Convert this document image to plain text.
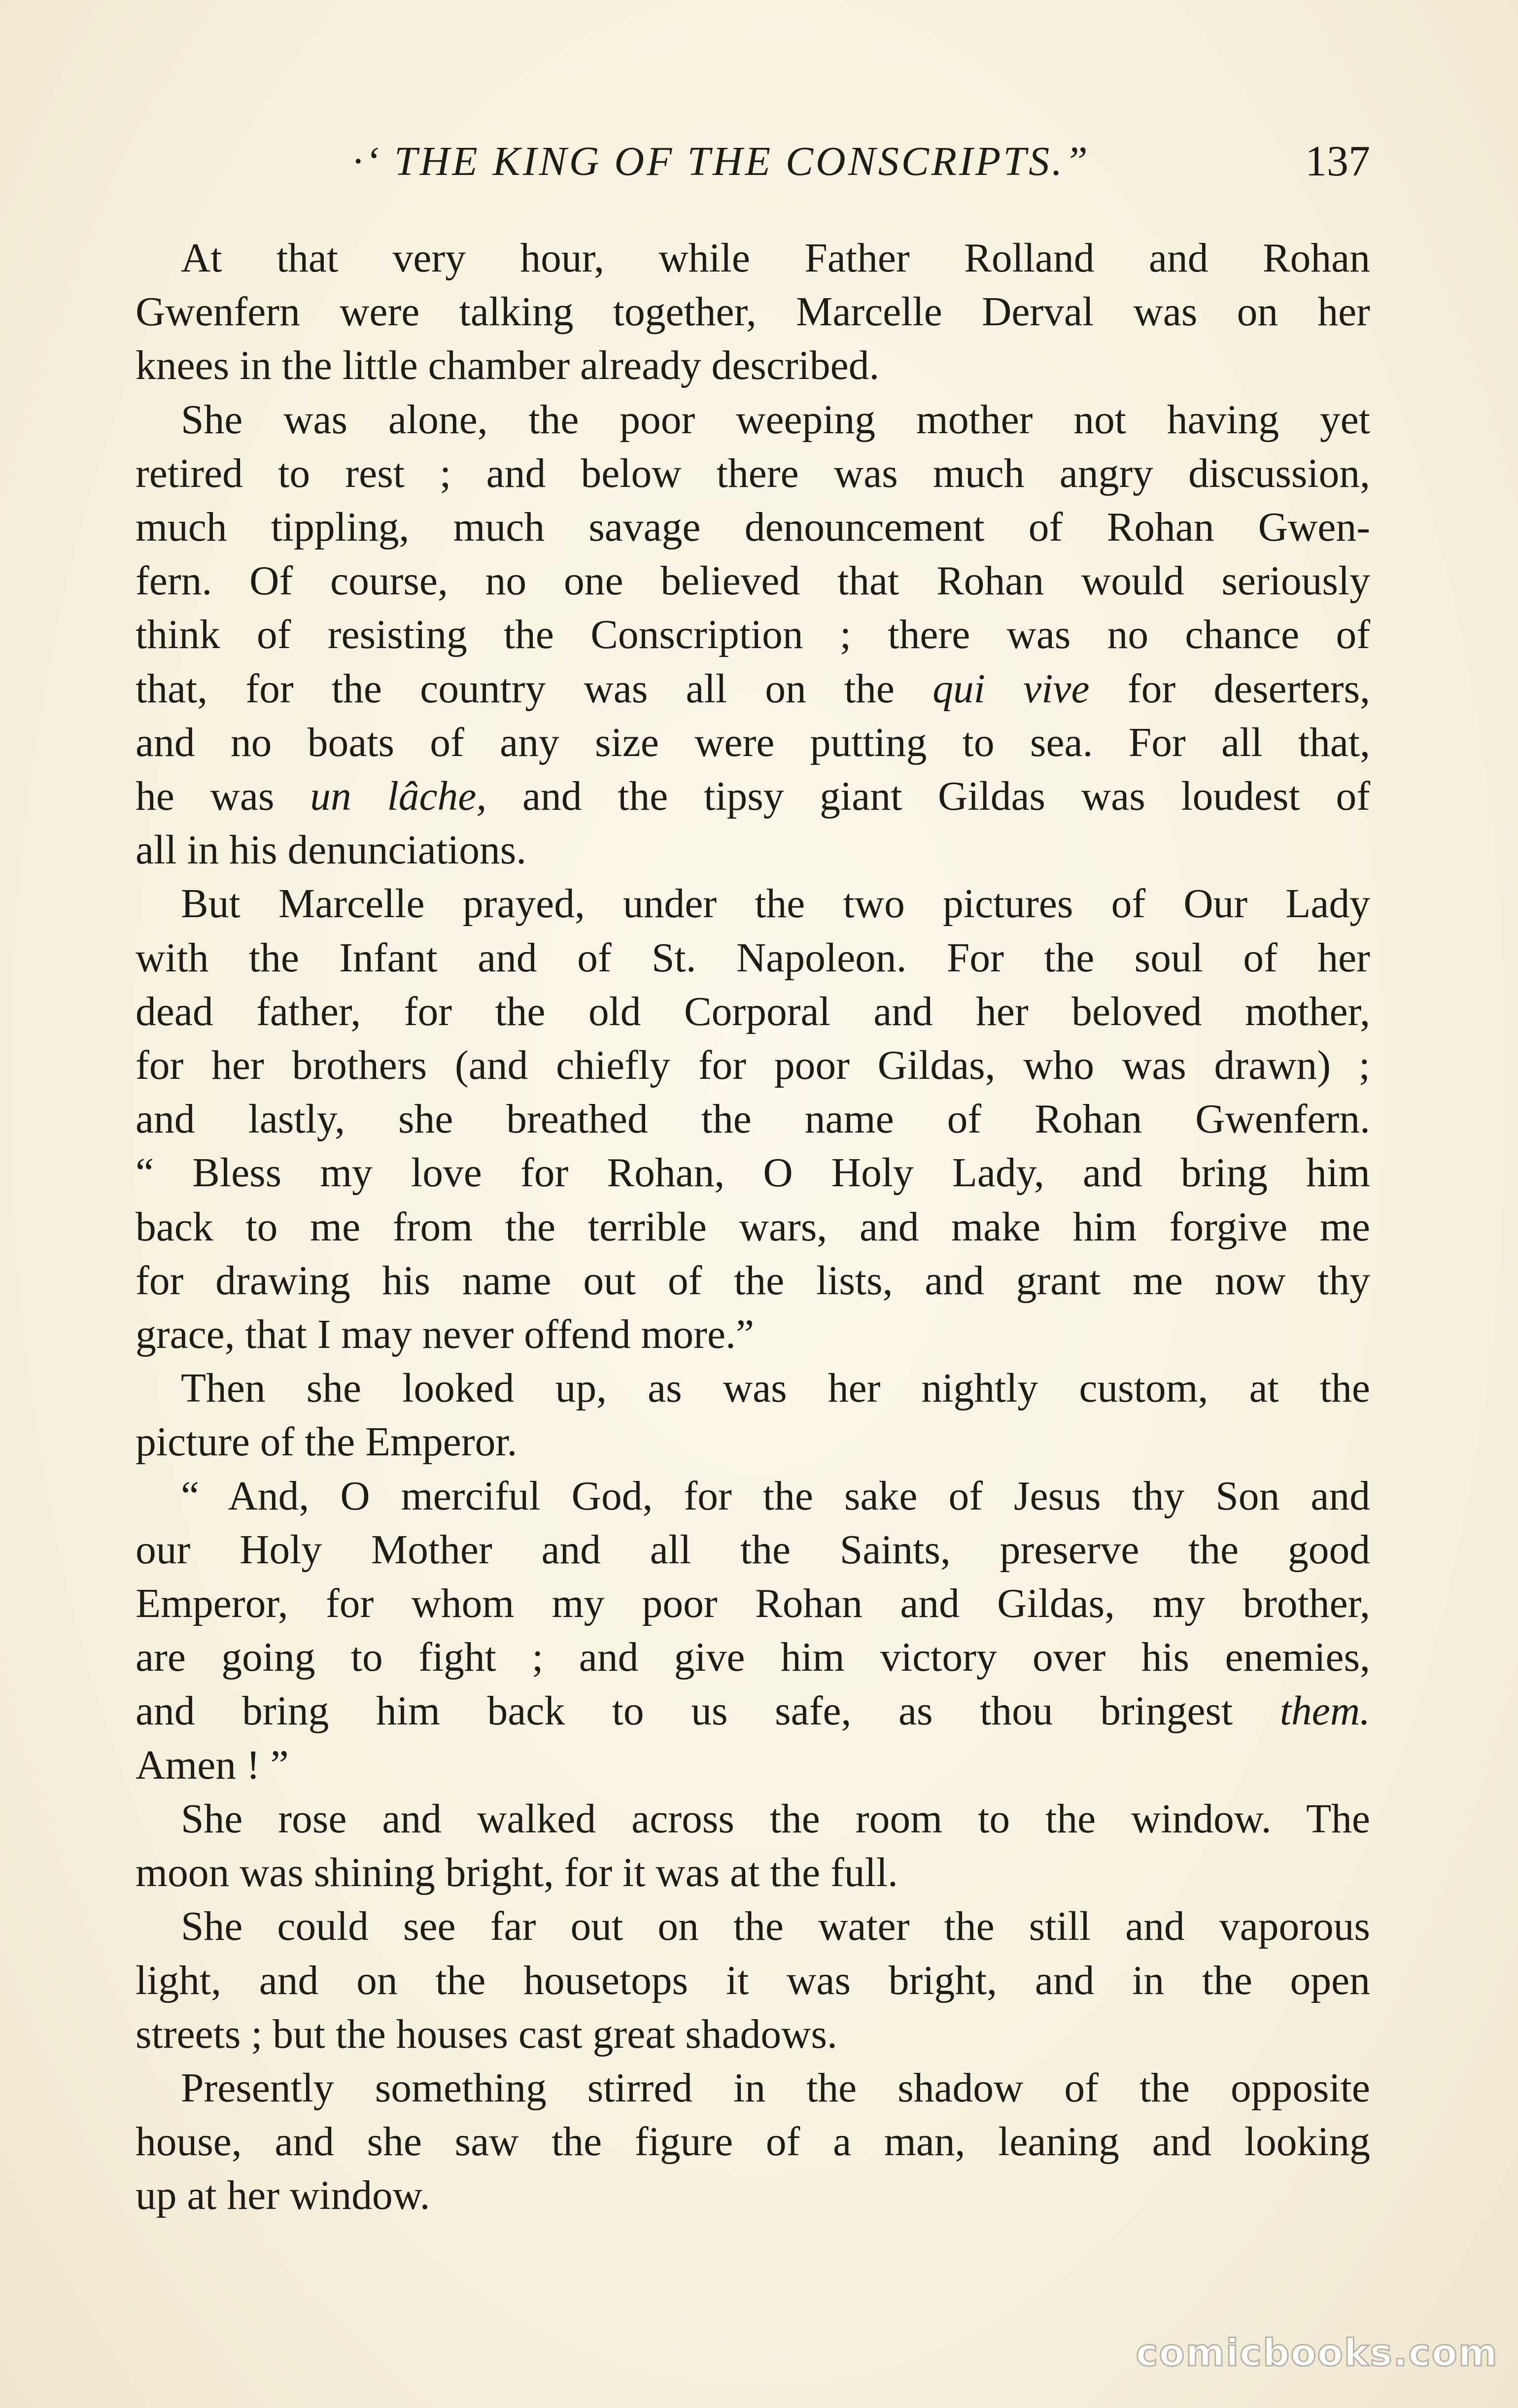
·‘ THE KING OF THE CONSCRIPTS.”	137
At that very hour, while Father Rolland and Rohan
Gwenfern were talking together, Marcelle Derval was on her
knees in the little chamber already described.
She was alone, the poor weeping mother not having yet
retired to rest ; and below there was much angry discussion,
much tippling, much savage denouncement of Rohan Gwen-
fern. Of course, no one believed that Rohan would seriously
think of resisting the Conscription ; there was no chance of
that, for the country was all on the qui vive for deserters,
and no boats of any size were putting to sea. For all that,
he was un lâche, and the tipsy giant Gildas was loudest of
all in his denunciations.
But Marcelle prayed, under the two pictures of Our Lady
with the Infant and of St. Napoleon. For the soul of her
dead father, for the old Corporal and her beloved mother,
for her brothers (and chiefly for poor Gildas, who was drawn) ;
and lastly, she breathed the name of Rohan Gwenfern.
“ Bless my love for Rohan, O Holy Lady, and bring him
back to me from the terrible wars, and make him forgive me
for drawing his name out of the lists, and grant me now thy
grace, that I may never offend more.”
Then she looked up, as was her nightly custom, at the
picture of the Emperor.
“ And, O merciful God, for the sake of Jesus thy Son and
our Holy Mother and all the Saints, preserve the good
Emperor, for whom my poor Rohan and Gildas, my brother,
are going to fight ; and give him victory over his enemies,
and bring him back to us safe, as thou bringest them.
Amen ! ”
She rose and walked across the room to the window. The
moon was shining bright, for it was at the full.
She could see far out on the water the still and vaporous
light, and on the housetops it was bright, and in the open
streets ; but the houses cast great shadows.
Presently something stirred in the shadow of the opposite
house, and she saw the figure of a man, leaning and looking
up at her window.
comicbooks.com
